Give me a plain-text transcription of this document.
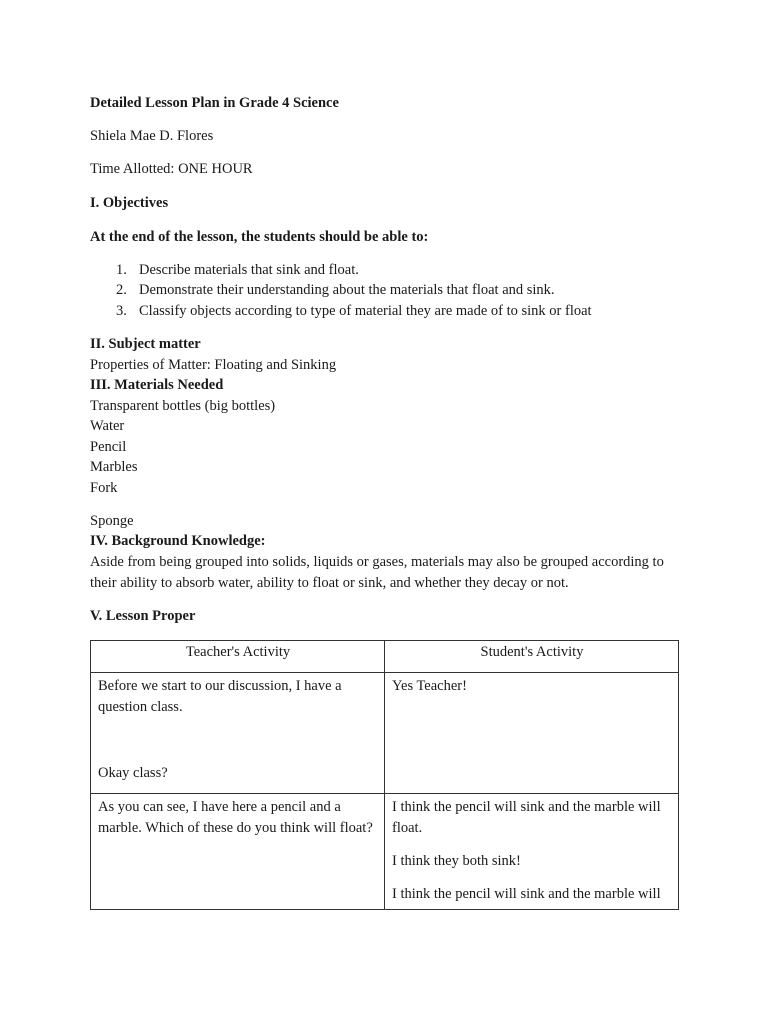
Detailed Lesson Plan in Grade 4 Science
Shiela Mae D. Flores
Time Allotted: ONE HOUR
I. Objectives
At the end of the lesson, the students should be able to:
1. Describe materials that sink and float.
2. Demonstrate their understanding about the materials that float and sink.
3. Classify objects according to type of material they are made of to sink or float
II. Subject matter
Properties of Matter: Floating and Sinking
III. Materials Needed
Transparent bottles (big bottles)
Water
Pencil
Marbles
Fork
Sponge
IV. Background Knowledge:
Aside from being grouped into solids, liquids or gases, materials may also be grouped according to their ability to absorb water, ability to float or sink, and whether they decay or not.
V. Lesson Proper
Teacher's Activity	Student's Activity

Before we start to our discussion, I have a question class.

Okay class?	Yes Teacher!

As you can see, I have here a pencil and a marble. Which of these do you think will float?	I think the pencil will sink and the marble will float.

I think they both sink!

I think the pencil will sink and the marble will
